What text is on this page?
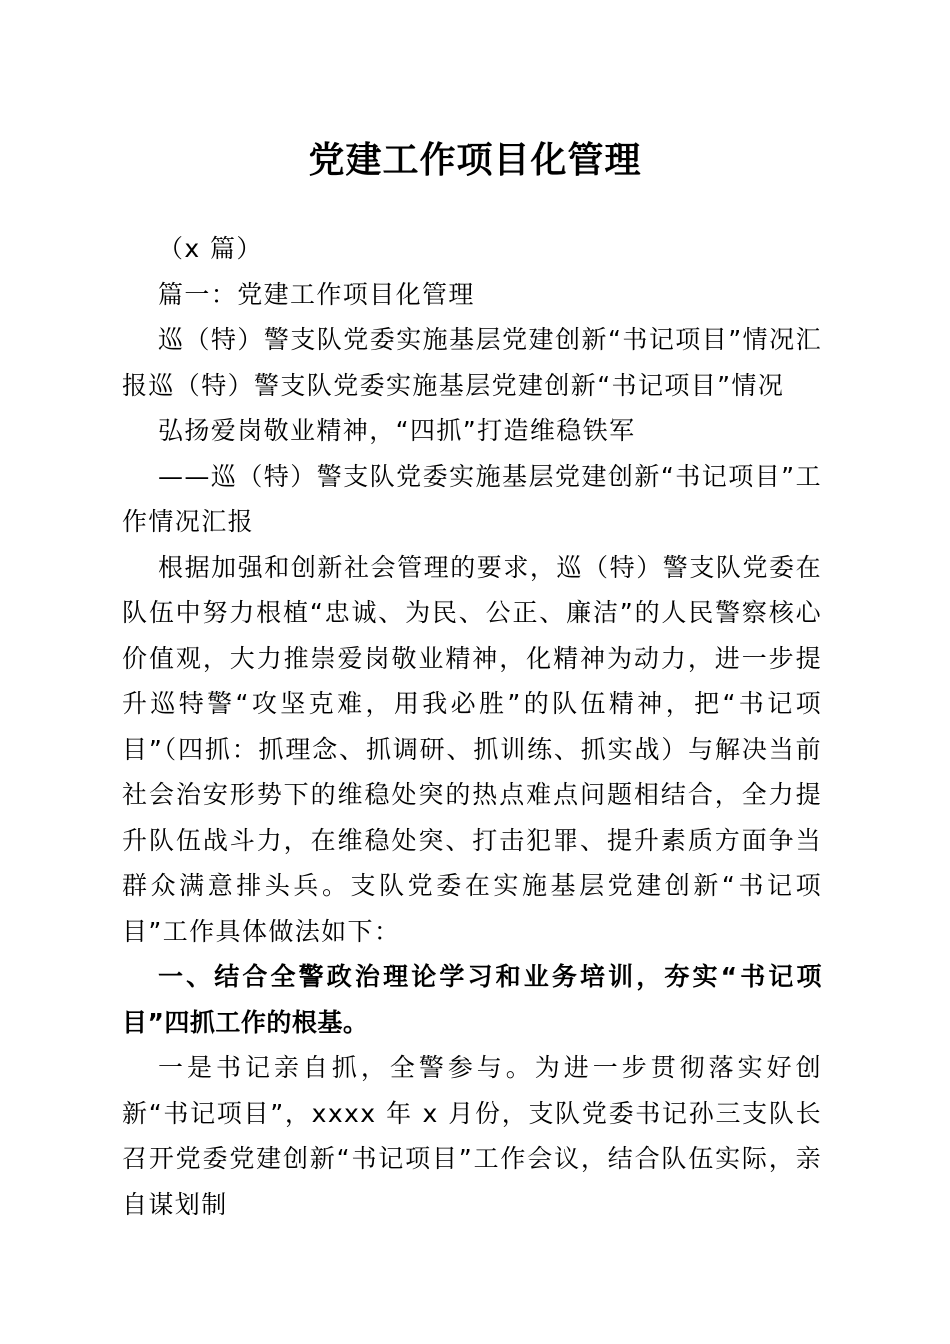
党建工作项目化管理

（x 篇）

篇一：党建工作项目化管理

巡（特）警支队党委实施基层党建创新“书记项目”情况汇报巡（特）警支队党委实施基层党建创新“书记项目”情况

弘扬爱岗敬业精神，“四抓”打造维稳铁军

——巡（特）警支队党委实施基层党建创新“书记项目”工作情况汇报

根据加强和创新社会管理的要求，巡（特）警支队党委在队伍中努力根植“忠诚、为民、公正、廉洁”的人民警察核心价值观，大力推崇爱岗敬业精神，化精神为动力，进一步提升巡特警“攻坚克难，用我必胜”的队伍精神，把“书记项目”（四抓：抓理念、抓调研、抓训练、抓实战）与解决当前社会治安形势下的维稳处突的热点难点问题相结合，全力提升队伍战斗力，在维稳处突、打击犯罪、提升素质方面争当群众满意排头兵。支队党委在实施基层党建创新“书记项目”工作具体做法如下：

一、结合全警政治理论学习和业务培训，夯实“书记项目”四抓工作的根基。

一是书记亲自抓，全警参与。为进一步贯彻落实好创新“书记项目”，xxxx 年 x 月份，支队党委书记孙三支队长召开党委党建创新“书记项目”工作会议，结合队伍实际，亲自谋划制
